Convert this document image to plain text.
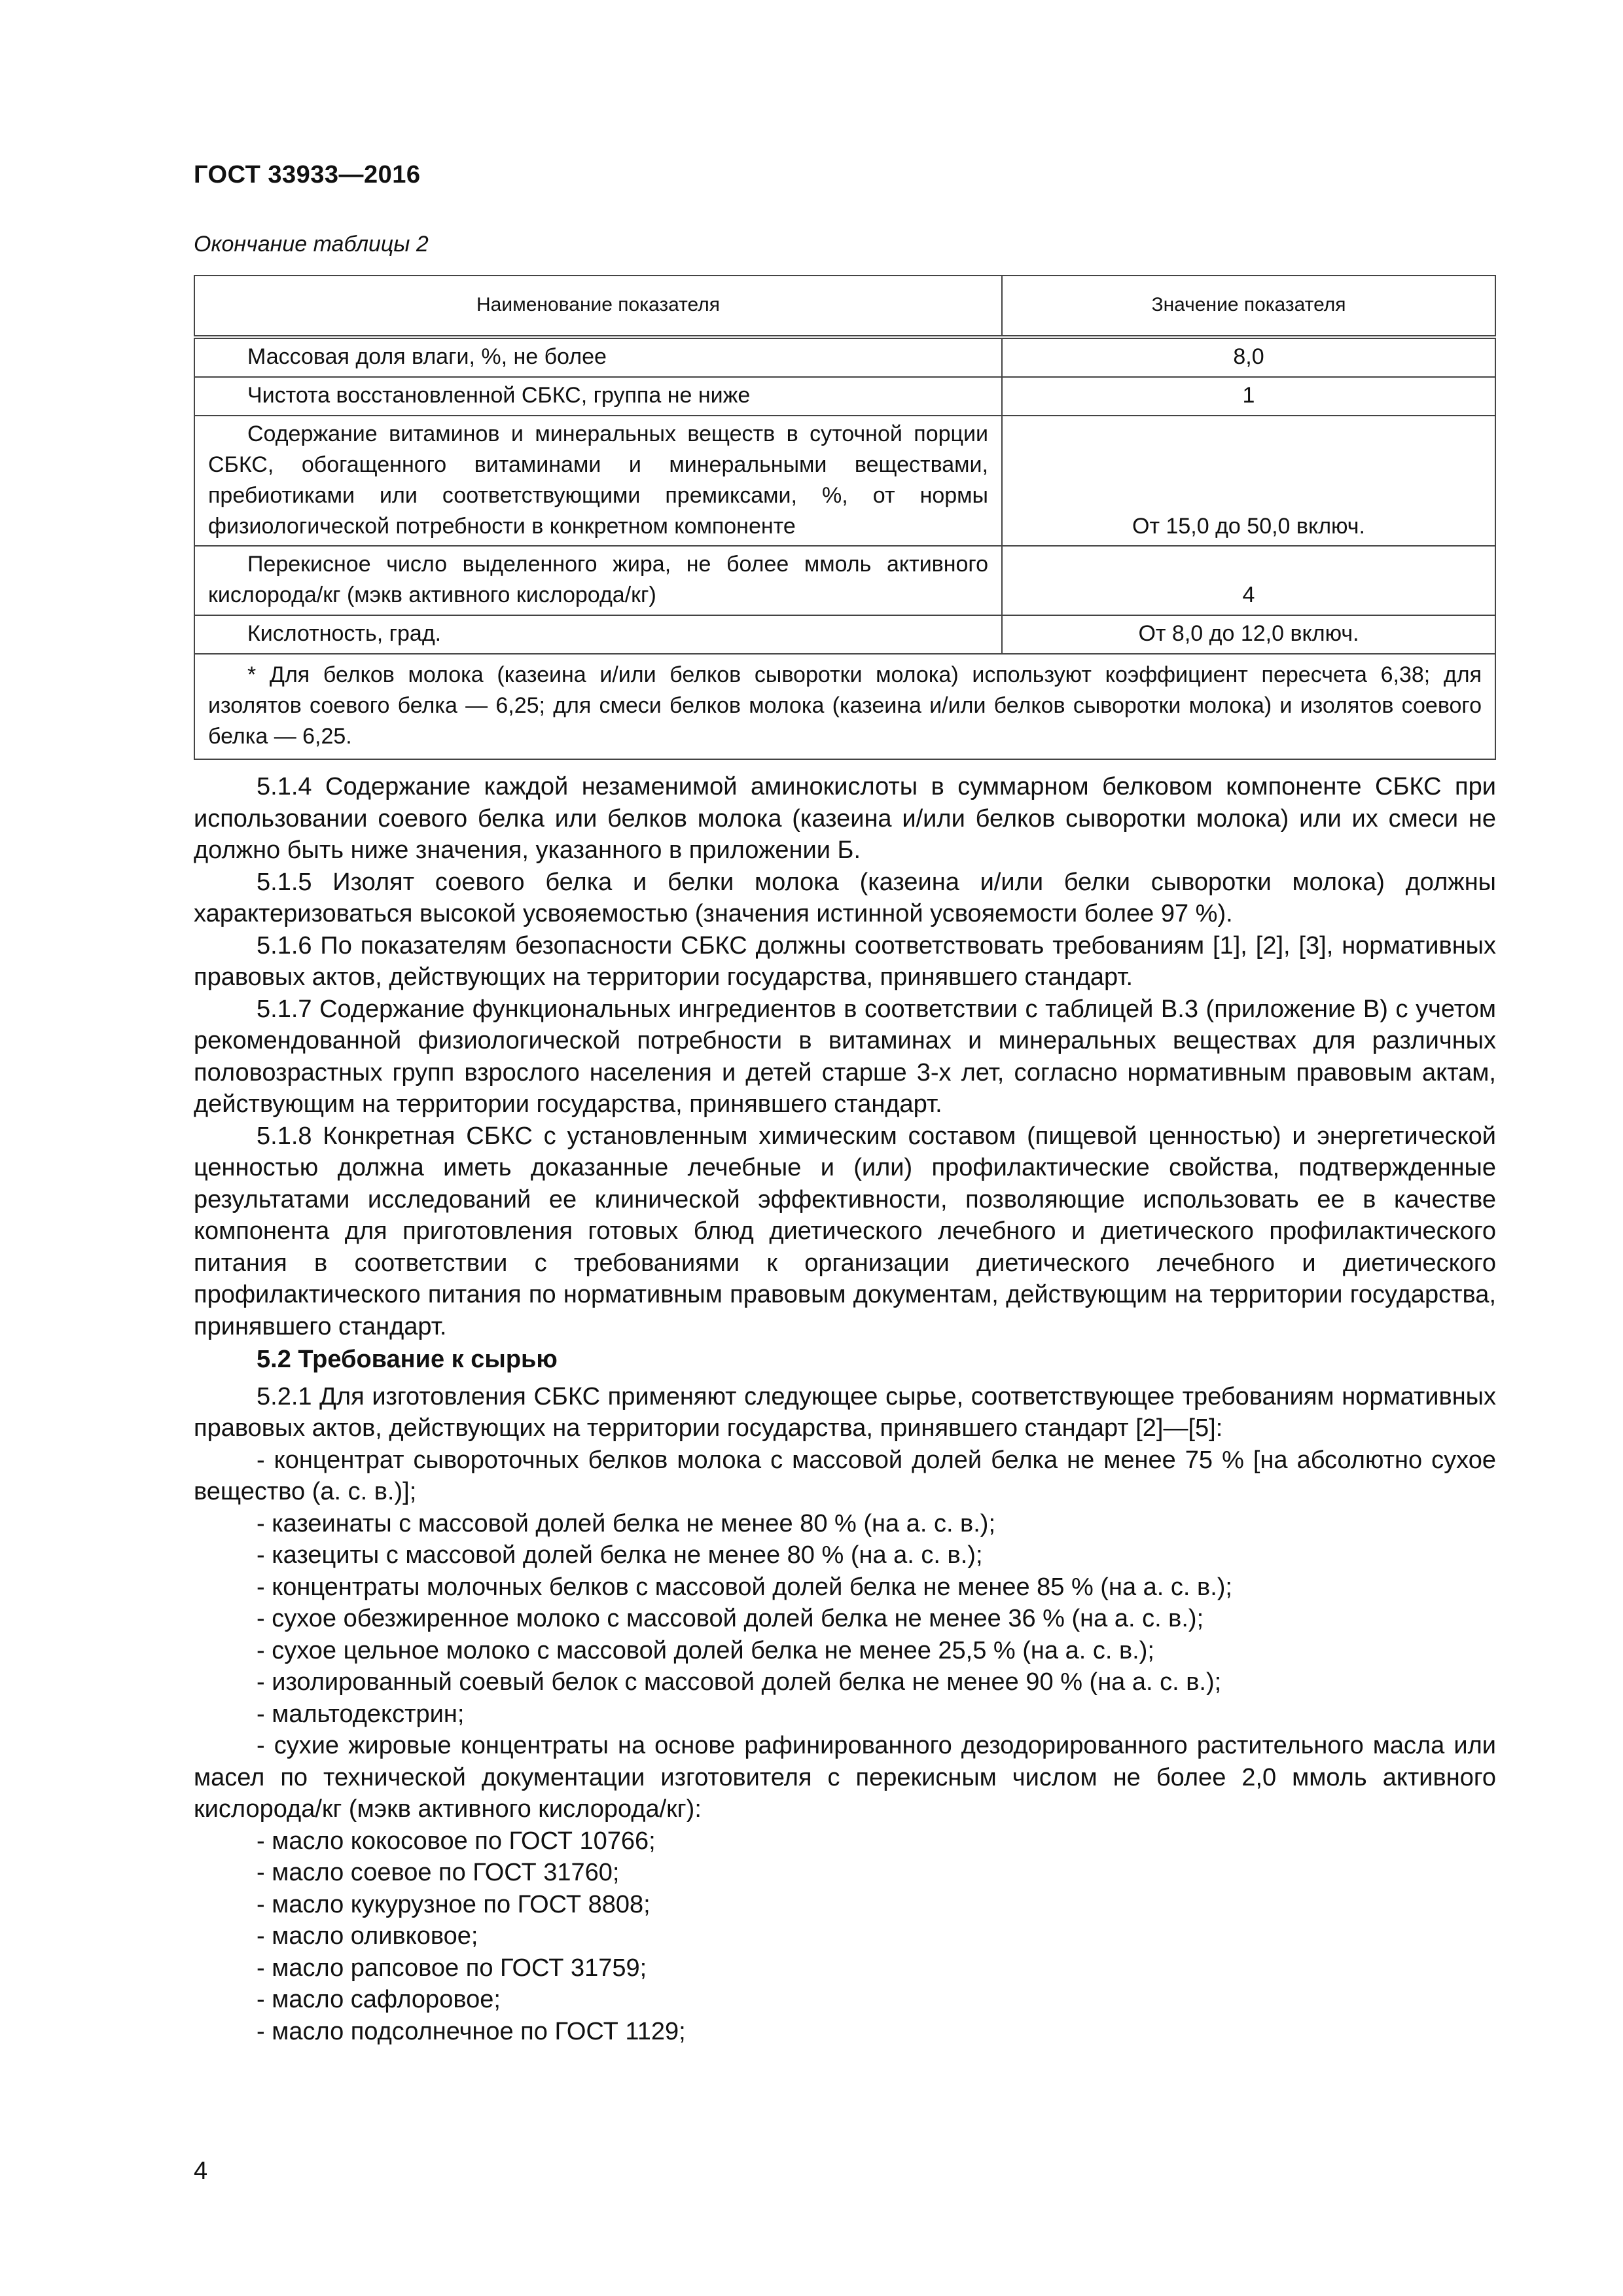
ГОСТ 33933—2016
Окончание таблицы 2
Наименование показателя	Значение показателя
Массовая доля влаги, %, не более	8,0
Чистота восстановленной СБКС, группа не ниже	1
Содержание витаминов и минеральных веществ в суточной порции СБКС, обогащенного витаминами и минеральными веществами, пребиотиками или соответствующими премиксами, %, от нормы физиологической потребности в конкретном компоненте	От 15,0 до 50,0 включ.
Перекисное число выделенного жира, не более ммоль активного кислорода/кг (мэкв активного кислорода/кг)	4
Кислотность, град.	От 8,0 до 12,0 включ.
* Для белков молока (казеина и/или белков сыворотки молока) используют коэффициент пересчета 6,38; для изолятов соевого белка — 6,25; для смеси белков молока (казеина и/или белков сыворотки молока) и изолятов соевого белка — 6,25.	

5.1.4 Содержание каждой незаменимой аминокислоты в суммарном белковом компоненте СБКС при использовании соевого белка или белков молока (казеина и/или белков сыворотки молока) или их смеси не должно быть ниже значения, указанного в приложении Б.

5.1.5 Изолят соевого белка и белки молока (казеина и/или белки сыворотки молока) должны характеризоваться высокой усвояемостью (значения истинной усвояемости более 97 %).

5.1.6 По показателям безопасности СБКС должны соответствовать требованиям [1], [2], [3], нормативных правовых актов, действующих на территории государства, принявшего стандарт.

5.1.7 Содержание функциональных ингредиентов в соответствии с таблицей В.3 (приложение В) с учетом рекомендованной физиологической потребности в витаминах и минеральных веществах для различных половозрастных групп взрослого населения и детей старше 3-х лет, согласно нормативным правовым актам, действующим на территории государства, принявшего стандарт.

5.1.8 Конкретная СБКС с установленным химическим составом (пищевой ценностью) и энергетической ценностью должна иметь доказанные лечебные и (или) профилактические свойства, подтвержденные результатами исследований ее клинической эффективности, позволяющие использовать ее в качестве компонента для приготовления готовых блюд диетического лечебного и диетического профилактического питания в соответствии с требованиями к организации диетического лечебного и диетического профилактического питания по нормативным правовым документам, действующим на территории государства, принявшего стандарт.

5.2 Требование к сырью

5.2.1 Для изготовления СБКС применяют следующее сырье, соответствующее требованиям нормативных правовых актов, действующих на территории государства, принявшего стандарт [2]—[5]:

- концентрат сывороточных белков молока с массовой долей белка не менее 75 % [на абсолютно сухое вещество (а. с. в.)];

- казеинаты с массовой долей белка не менее 80 % (на а. с. в.);

- казециты с массовой долей белка не менее 80 % (на а. с. в.);

- концентраты молочных белков с массовой долей белка не менее 85 % (на а. с. в.);

- сухое обезжиренное молоко с массовой долей белка не менее 36 % (на а. с. в.);

- сухое цельное молоко с массовой долей белка не менее 25,5 % (на а. с. в.);

- изолированный соевый белок с массовой долей белка не менее 90 % (на а. с. в.);

- мальтодекстрин;

- сухие жировые концентраты на основе рафинированного дезодорированного растительного масла или масел по технической документации изготовителя с перекисным числом не более 2,0 ммоль активного кислорода/кг (мэкв активного кислорода/кг):

- масло кокосовое по ГОСТ 10766;

- масло соевое по ГОСТ 31760;

- масло кукурузное по ГОСТ 8808;

- масло оливковое;

- масло рапсовое по ГОСТ 31759;

- масло сафлоровое;

- масло подсолнечное по ГОСТ 1129;

4
